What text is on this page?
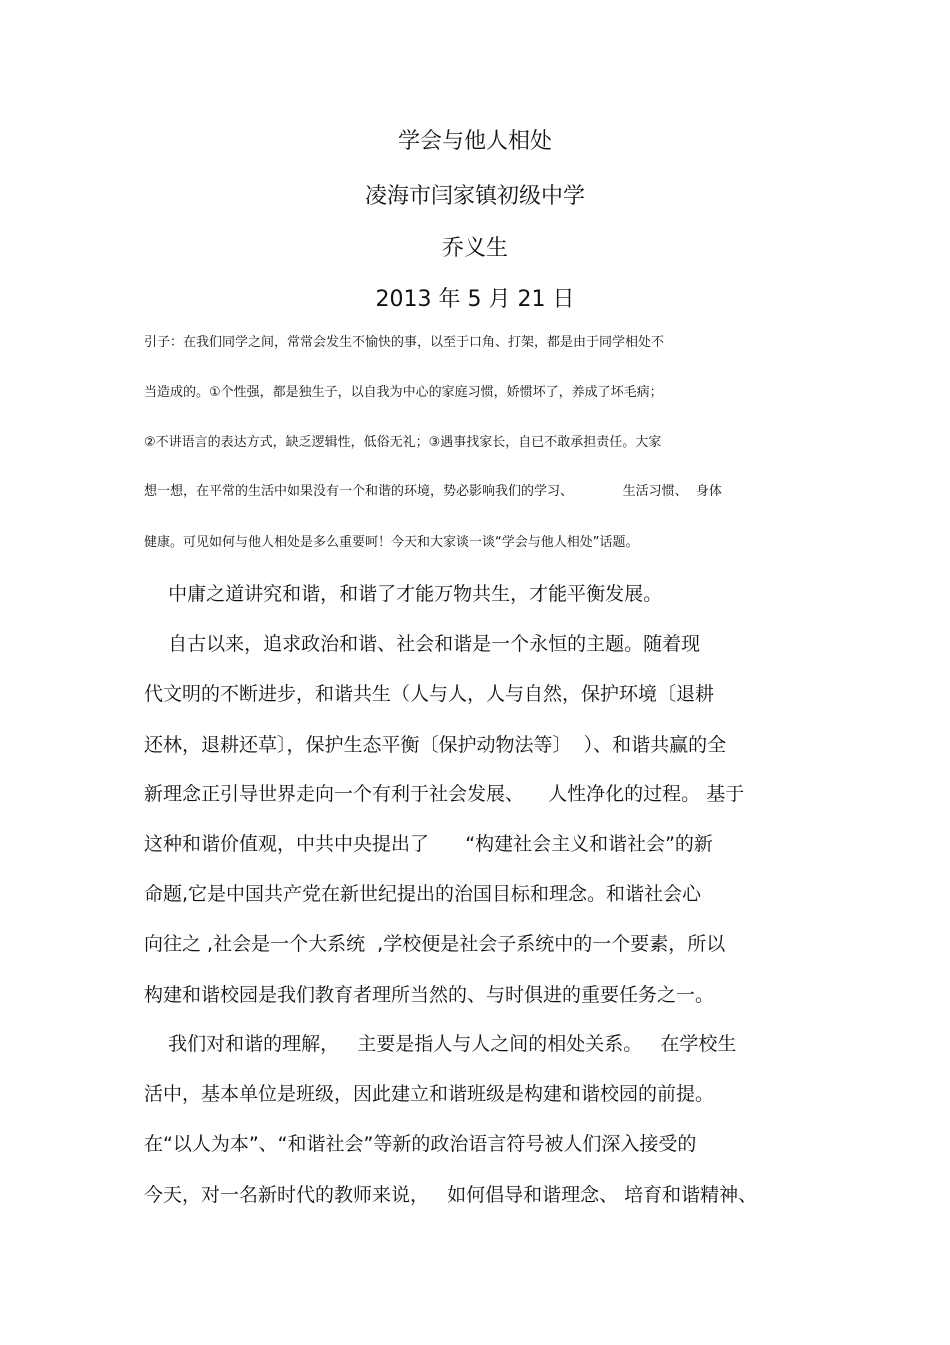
学会与他人相处
凌海市闫家镇初级中学
乔义生
2013 年 5 月 21 日
引子：在我们同学之间，常常会发生不愉快的事，以至于口角、打架，都是由于同学相处不
当造成的。①个性强，都是独生子，以自我为中心的家庭习惯，娇惯坏了，养成了坏毛病；
②不讲语言的表达方式，缺乏逻辑性，低俗无礼；③遇事找家长，自已不敢承担责任。大家
想一想，在平常的生活中如果没有一个和谐的环境，势必影响我们的学习、            生活习惯、  身体
健康。可见如何与他人相处是多么重要呵！今天和大家谈一谈“学会与他人相处”话题。
中庸之道讲究和谐，和谐了才能万物共生，才能平衡发展。
自古以来，追求政治和谐、社会和谐是一个永恒的主题。随着现
代文明的不断进步，和谐共生（人与人，人与自然，保护环境〔退耕
还林，退耕还草〕，保护生态平衡〔保护动物法等〕  ）、和谐共赢的全
新理念正引导世界走向一个有利于社会发展、    人性净化的过程。 基于
这种和谐价值观，中共中央提出了      “构建社会主义和谐社会”的新
命题,它是中国共产党在新世纪提出的治国目标和理念。和谐社会心
向往之 ,社会是一个大系统  ,学校便是社会子系统中的一个要素，所以
构建和谐校园是我们教育者理所当然的、与时俱进的重要任务之一。
我们对和谐的理解，   主要是指人与人之间的相处关系。   在学校生
活中，基本单位是班级，因此建立和谐班级是构建和谐校园的前提。
在“以人为本”、“和谐社会”等新的政治语言符号被人们深入接受的
今天，对一名新时代的教师来说，   如何倡导和谐理念、 培育和谐精神、
